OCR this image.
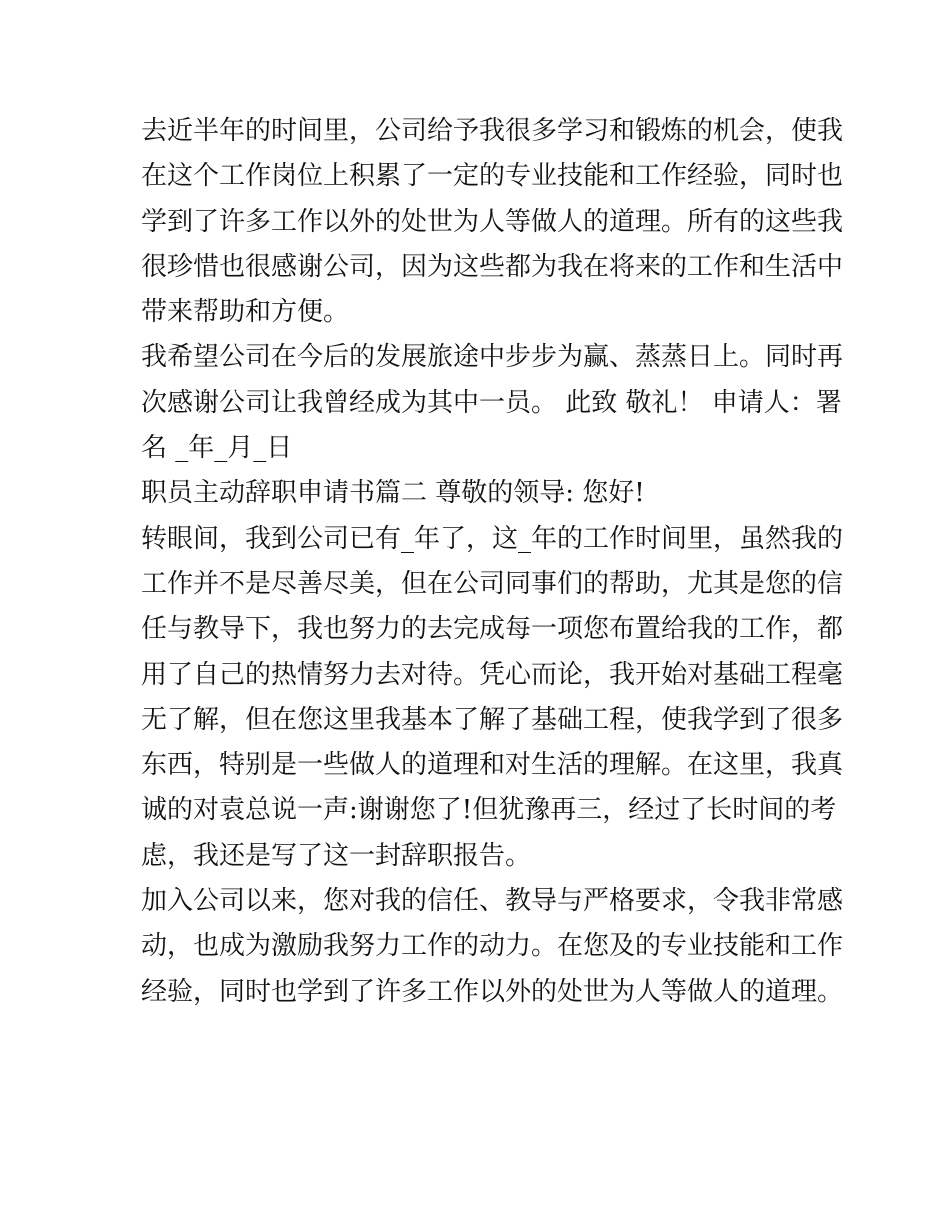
去近半年的时间里，公司给予我很多学习和锻炼的机会，使我
在这个工作岗位上积累了一定的专业技能和工作经验，同时也
学到了许多工作以外的处世为人等做人的道理。所有的这些我
很珍惜也很感谢公司，因为这些都为我在将来的工作和生活中
带来帮助和方便。

我希望公司在今后的发展旅途中步步为赢、蒸蒸日上。同时再
次感谢公司让我曾经成为其中一员。 此致 敬礼！ 申请人：署
名 _年_月_日

职员主动辞职申请书篇二 尊敬的领导: 您好!

转眼间，我到公司已有_年了，这_年的工作时间里，虽然我的
工作并不是尽善尽美，但在公司同事们的帮助，尤其是您的信
任与教导下，我也努力的去完成每一项您布置给我的工作，都
用了自己的热情努力去对待。凭心而论，我开始对基础工程毫
无了解，但在您这里我基本了解了基础工程，使我学到了很多
东西，特别是一些做人的道理和对生活的理解。在这里，我真
诚的对袁总说一声:谢谢您了!但犹豫再三，经过了长时间的考
虑，我还是写了这一封辞职报告。

加入公司以来，您对我的信任、教导与严格要求，令我非常感
动，也成为激励我努力工作的动力。在您及的专业技能和工作
经验，同时也学到了许多工作以外的处世为人等做人的道理。
